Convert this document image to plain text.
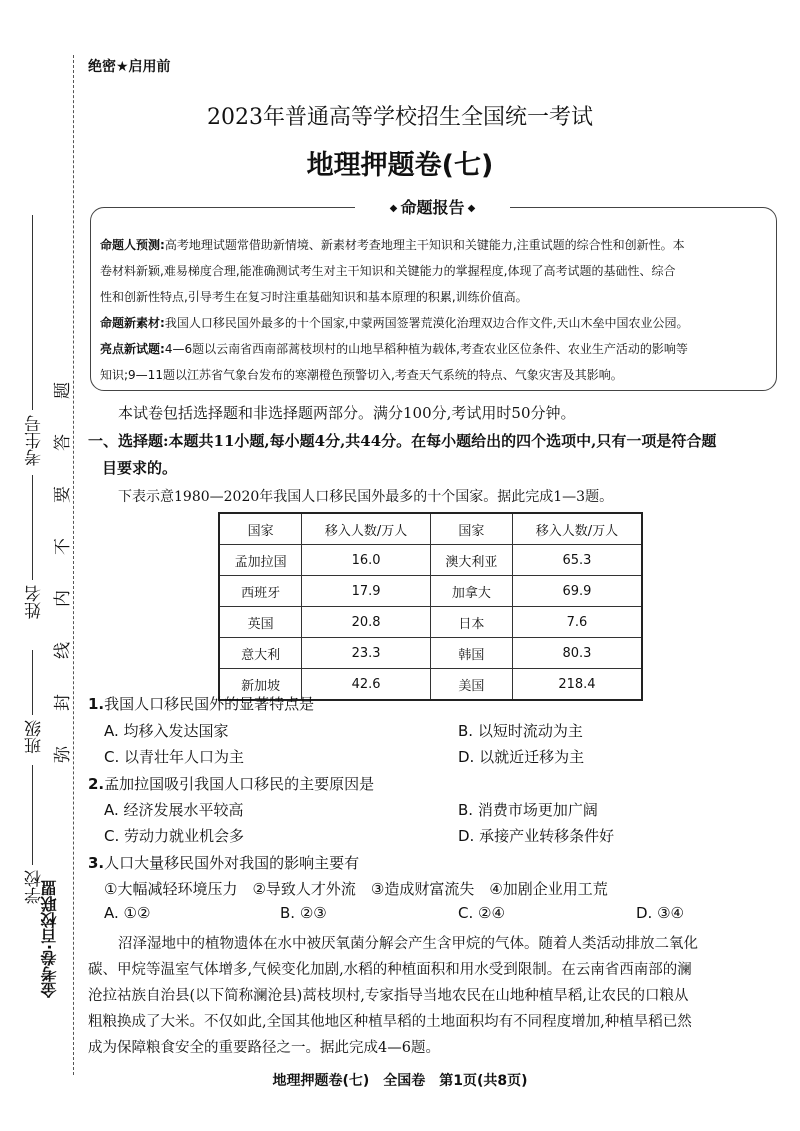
绝密★启用前
2023年普通高等学校招生全国统一考试
地理押题卷(七)
考生号
姓名
班级
学校
金考卷·百校联盟
题
答
要
不
内
线
封
弥
◆ 命题报告 ◆
命题人预测:高考地理试题常借助新情境、新素材考查地理主干知识和关键能力,注重试题的综合性和创新性。本
卷材料新颖,难易梯度合理,能准确测试考生对主干知识和关键能力的掌握程度,体现了高考试题的基础性、综合
性和创新性特点,引导考生在复习时注重基础知识和基本原理的积累,训练价值高。
命题新素材:我国人口移民国外最多的十个国家,中蒙两国签署荒漠化治理双边合作文件,天山木垒中国农业公园。
亮点新试题:4—6题以云南省西南部蒿枝坝村的山地旱稻种植为载体,考查农业区位条件、农业生产活动的影响等
知识;9—11题以江苏省气象台发布的寒潮橙色预警切入,考查天气系统的特点、气象灾害及其影响。
本试卷包括选择题和非选择题两部分。满分100分,考试用时50分钟。
一、选择题:本题共11小题,每小题4分,共44分。在每小题给出的四个选项中,只有一项是符合题
目要求的。
下表示意1980—2020年我国人口移民国外最多的十个国家。据此完成1—3题。
国家	移入人数/万人	国家	移入人数/万人
孟加拉国	16.0	澳大利亚	65.3
西班牙	17.9	加拿大	69.9
英国	20.8	日本	7.6
意大利	23.3	韩国	80.3
新加坡	42.6	美国	218.4
1.我国人口移民国外的显著特点是
A. 均移入发达国家	B. 以短时流动为主
C. 以青壮年人口为主	D. 以就近迁移为主
2.孟加拉国吸引我国人口移民的主要原因是
A. 经济发展水平较高	B. 消费市场更加广阔
C. 劳动力就业机会多	D. 承接产业转移条件好
3.人口大量移民国外对我国的影响主要有
①大幅减轻环境压力　②导致人才外流　③造成财富流失　④加剧企业用工荒
A. ①②	B. ②③	C. ②④	D. ③④
沼泽湿地中的植物遗体在水中被厌氧菌分解会产生含甲烷的气体。随着人类活动排放二氧化
碳、甲烷等温室气体增多,气候变化加剧,水稻的种植面积和用水受到限制。在云南省西南部的澜
沧拉祜族自治县(以下简称澜沧县)蒿枝坝村,专家指导当地农民在山地种植旱稻,让农民的口粮从
粗粮换成了大米。不仅如此,全国其他地区种植旱稻的土地面积均有不同程度增加,种植旱稻已然
成为保障粮食安全的重要路径之一。据此完成4—6题。
地理押题卷(七)　全国卷　第1页(共8页)
